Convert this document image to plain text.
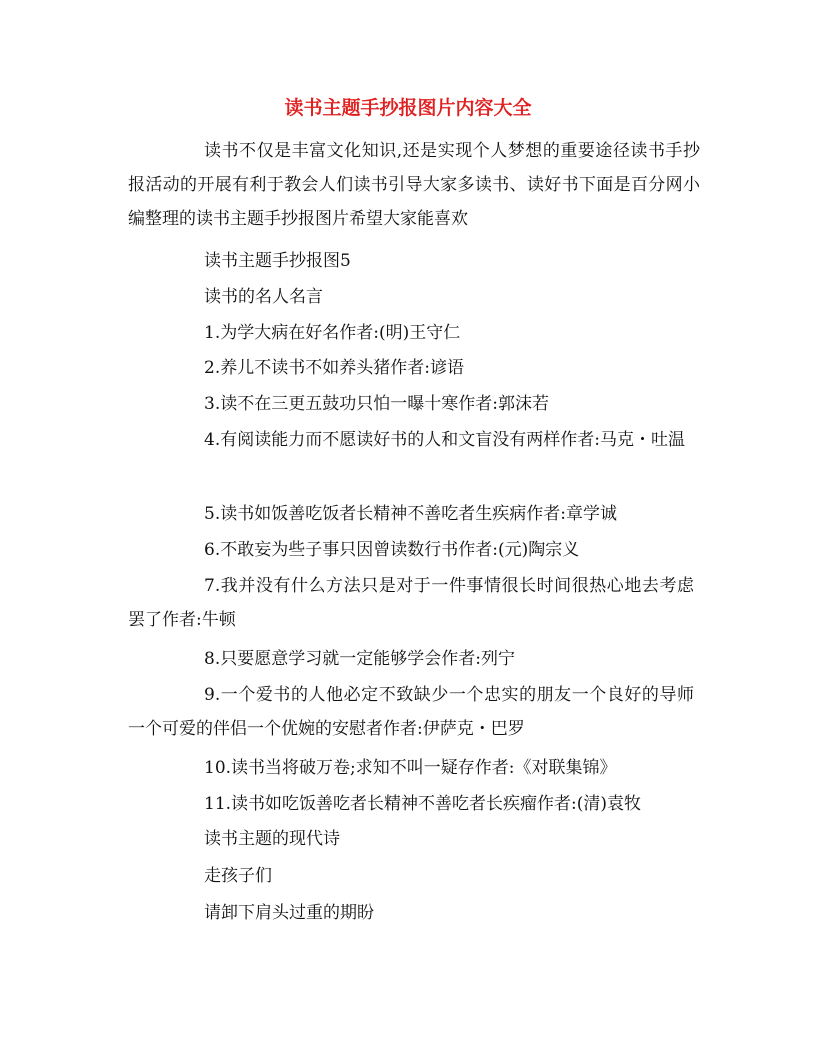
读书主题手抄报图片内容大全
读书不仅是丰富文化知识,还是实现个人梦想的重要途径读书手抄报活动的开展有利于教会人们读书引导大家多读书、读好书下面是百分网小编整理的读书主题手抄报图片希望大家能喜欢
读书主题手抄报图5
读书的名人名言
1.为学大病在好名作者:(明)王守仁
2.养儿不读书不如养头猪作者:谚语
3.读不在三更五鼓功只怕一曝十寒作者:郭沫若
4.有阅读能力而不愿读好书的人和文盲没有两样作者:马克・吐温
5.读书如饭善吃饭者长精神不善吃者生疾病作者:章学诚
6.不敢妄为些子事只因曾读数行书作者:(元)陶宗义
7.我并没有什么方法只是对于一件事情很长时间很热心地去考虑罢了作者:牛顿
8.只要愿意学习就一定能够学会作者:列宁
9.一个爱书的人他必定不致缺少一个忠实的朋友一个良好的导师一个可爱的伴侣一个优婉的安慰者作者:伊萨克・巴罗
10.读书当将破万卷;求知不叫一疑存作者:《对联集锦》
11.读书如吃饭善吃者长精神不善吃者长疾瘤作者:(清)袁牧
读书主题的现代诗
走孩子们
请卸下肩头过重的期盼
